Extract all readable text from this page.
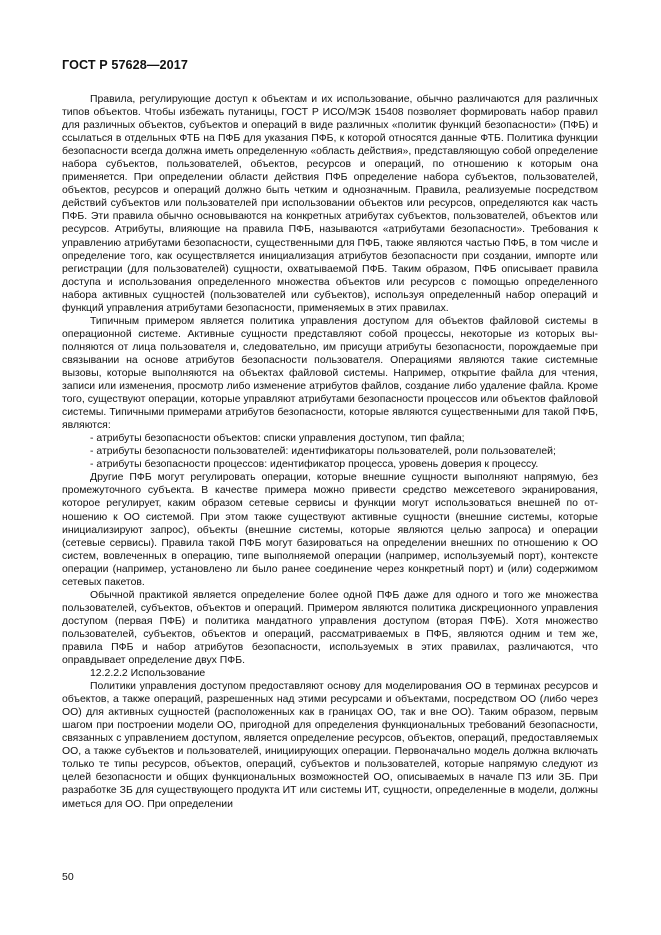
ГОСТ Р 57628—2017

Правила, регулирующие доступ к объектам и их использование, обычно различаются для различных типов объектов. Чтобы избежать путаницы, ГОСТ Р ИСО/МЭК 15408 позволяет формировать набор правил для различных объектов, субъектов и операций в виде различных «политик функций безопасности» (ПФБ) и ссылаться в отдельных ФТБ на ПФБ для указания ПФБ, к которой относятся данные ФТБ. Политика функции безопасности всегда должна иметь определенную «область действия», представляющую собой определение набора субъектов, пользователей, объектов, ресурсов и операций, по отношению к которым она применяется. При определении области действия ПФБ определение набора субъектов, пользователей, объектов, ресурсов и операций должно быть четким и однозначным. Правила, реализуемые посредством действий субъектов или пользователей при использовании объектов или ресурсов, определяются как часть ПФБ. Эти правила обычно основываются на конкретных атрибутах субъектов, пользователей, объектов или ресурсов. Атрибуты, влияющие на правила ПФБ, называются «атрибутами безопасности». Требования к управлению атрибутами безопасности, существенными для ПФБ, также являются частью ПФБ, в том числе и определение того, как осуществляется инициализация атрибутов безопасности при создании, импорте или регистрации (для пользователей) сущности, охватываемой ПФБ. Таким образом, ПФБ описывает правила доступа и использования определенного множества объектов или ресурсов с помощью определенного набора активных сущностей (пользователей или субъектов), используя определенный набор операций и функций управления атрибутами безопасности, применяемых в этих правилах.

Типичным примером является политика управления доступом для объектов файловой системы в операционной системе. Активные сущности представляют собой процессы, некоторые из которых выполняются от лица пользователя и, следовательно, им присущи атрибуты безопасности, порождаемые при связывании на основе атрибутов безопасности пользователя. Операциями являются такие системные вызовы, которые выполняются на объектах файловой системы. Например, открытие файла для чтения, записи или изменения, просмотр либо изменение атрибутов файлов, создание либо удаление файла. Кроме того, существуют операции, которые управляют атрибутами безопасности процессов или объектов файловой системы. Типичными примерами атрибутов безопасности, которые являются существенными для такой ПФБ, являются:

- атрибуты безопасности объектов: списки управления доступом, тип файла;

- атрибуты безопасности пользователей: идентификаторы пользователей, роли пользователей;

- атрибуты безопасности процессов: идентификатор процесса, уровень доверия к процессу.

Другие ПФБ могут регулировать операции, которые внешние сущности выполняют напрямую, без промежуточного субъекта. В качестве примера можно привести средство межсетевого экранирования, которое регулирует, каким образом сетевые сервисы и функции могут использоваться внешней по отношению к ОО системой. При этом также существуют активные сущности (внешние системы, которые инициализируют запрос), объекты (внешние системы, которые являются целью запроса) и операции (сетевые сервисы). Правила такой ПФБ могут базироваться на определении внешних по отношению к ОО систем, вовлеченных в операцию, типе выполняемой операции (например, используемый порт), контексте операции (например, установлено ли было ранее соединение через конкретный порт) и (или) содержимом сетевых пакетов.

Обычной практикой является определение более одной ПФБ даже для одного и того же множества пользователей, субъектов, объектов и операций. Примером являются политика дискреционного управления доступом (первая ПФБ) и политика мандатного управления доступом (вторая ПФБ). Хотя множество пользователей, субъектов, объектов и операций, рассматриваемых в ПФБ, являются одним и тем же, правила ПФБ и набор атрибутов безопасности, используемых в этих правилах, различаются, что оправдывает определение двух ПФБ.

12.2.2.2 Использование

Политики управления доступом предоставляют основу для моделирования ОО в терминах ресурсов и объектов, а также операций, разрешенных над этими ресурсами и объектами, посредством ОО (либо через ОО) для активных сущностей (расположенных как в границах ОО, так и вне ОО). Таким образом, первым шагом при построении модели ОО, пригодной для определения функциональных требований безопасности, связанных с управлением доступом, является определение ресурсов, объектов, операций, предоставляемых ОО, а также субъектов и пользователей, инициирующих операции. Первоначально модель должна включать только те типы ресурсов, объектов, операций, субъектов и пользователей, которые напрямую следуют из целей безопасности и общих функциональных возможностей ОО, описываемых в начале ПЗ или ЗБ. При разработке ЗБ для существующего продукта ИТ или системы ИТ, сущности, определенные в модели, должны иметься для ОО. При определении

50
